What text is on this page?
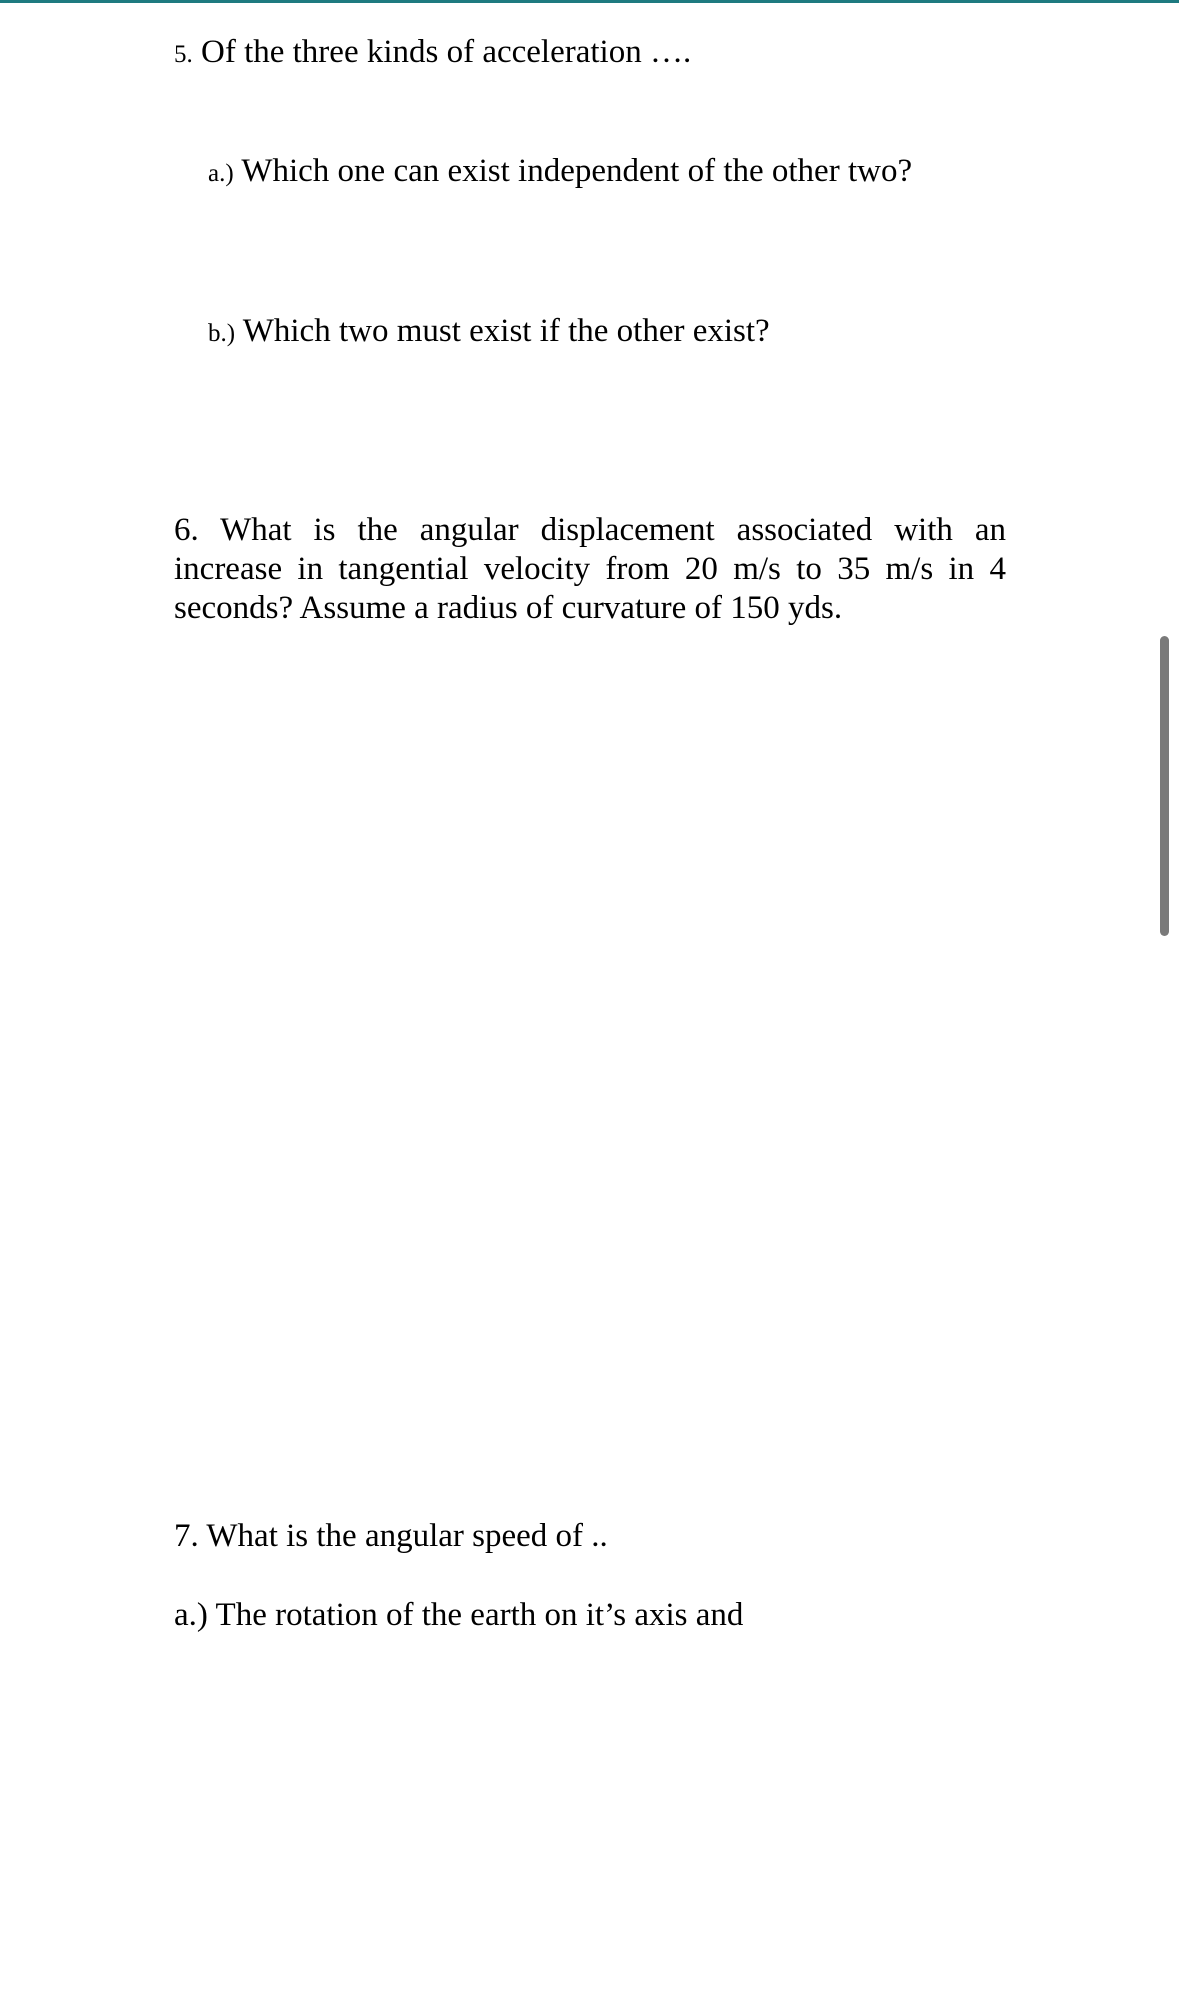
5. Of the three kinds of acceleration ….
a.) Which one can exist independent of the other two?
b.) Which two must exist if the other exist?
6. What is the angular displacement associated with an increase in tangential velocity from 20 m/s to 35 m/s in 4 seconds? Assume a radius of curvature of 150 yds.
7. What is the angular speed of ..
a.) The rotation of the earth on it’s axis and
